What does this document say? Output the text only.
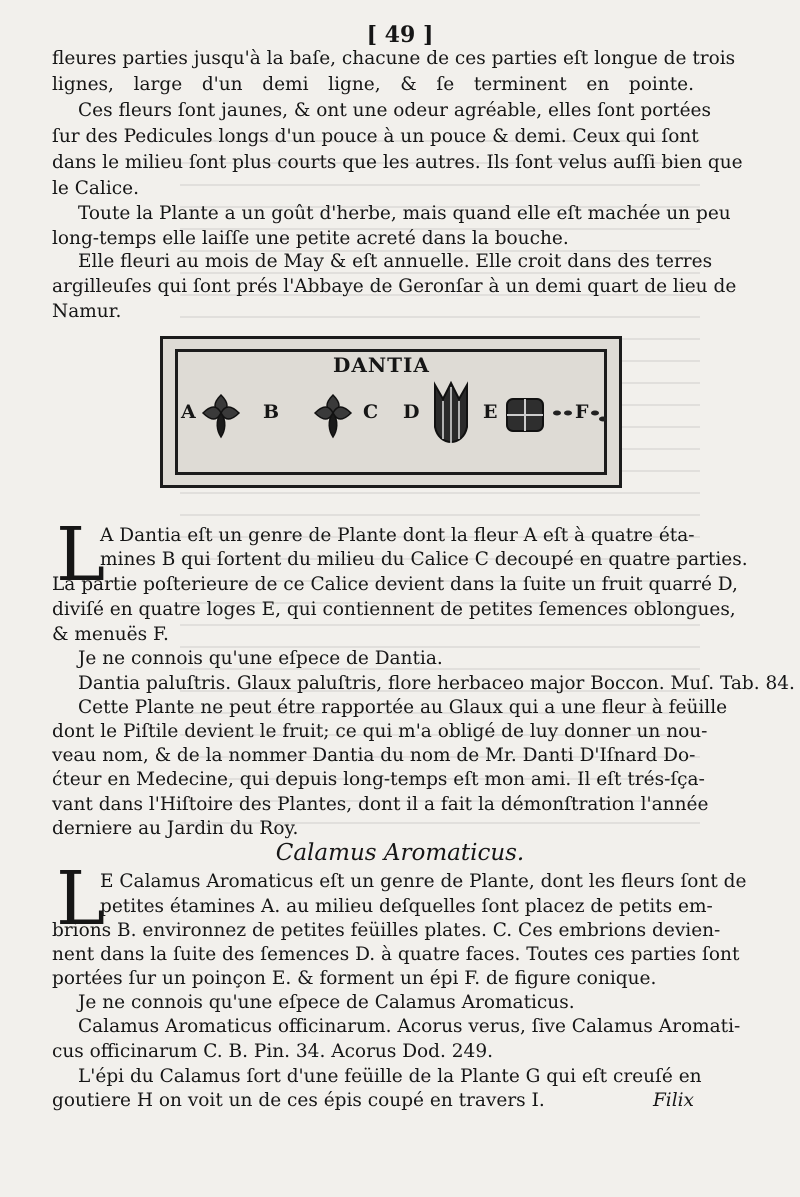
[ 49 ]
fleures parties jusqu'à la baſe, chacune de ces parties eſt longue de trois
lignes, large d'un demi ligne, & ſe terminent en pointe.
Ces fleurs ſont jaunes, & ont une odeur agréable, elles ſont portées
ſur des Pedicules longs d'un pouce à un pouce & demi. Ceux qui ſont
dans le milieu ſont plus courts que les autres. Ils ſont velus auſſi bien que
le Calice.
Toute la Plante a un goût d'herbe, mais quand elle eſt machée un peu
long-temps elle laiſſe une petite acreté dans la bouche.
Elle fleuri au mois de May & eſt annuelle. Elle croit dans des terres
argilleuſes qui ſont prés l'Abbaye de Geronſar à un demi quart de lieu de
Namur.
DANTIA
A	B	C D	E	F
L
A Dantia eſt un genre de Plante dont la fleur A eſt à quatre éta-
mines B qui ſortent du milieu du Calice C decoupé en quatre parties.
La partie poſterieure de ce Calice devient dans la ſuite un fruit quarré D,
diviſé en quatre loges E, qui contiennent de petites ſemences oblongues,
& menuës F.
Je ne connois qu'une eſpece de Dantia.
Dantia paluſtris. Glaux paluſtris, flore herbaceo major Boccon. Muſ. Tab. 84.
Cette Plante ne peut étre rapportée au Glaux qui a une fleur à feüille
dont le Piſtile devient le fruit; ce qui m'a obligé de luy donner un nou-
veau nom, & de la nommer Dantia du nom de Mr. Danti D'Iſnard Do-
ćteur en Medecine, qui depuis long-temps eſt mon ami. Il eſt trés-ſça-
vant dans l'Hiſtoire des Plantes, dont il a fait la démonſtration l'année
derniere au Jardin du Roy.
Calamus Aromaticus.
L
E Calamus Aromaticus eſt un genre de Plante, dont les fleurs ſont de
petites étamines A. au milieu deſquelles ſont placez de petits em-
brions B. environnez de petites feüilles plates. C. Ces embrions devien-
nent dans la ſuite des ſemences D. à quatre faces. Toutes ces parties ſont
portées ſur un poinçon E. & forment un épi F. de figure conique.
Je ne connois qu'une eſpece de Calamus Aromaticus.
Calamus Aromaticus officinarum. Acorus verus, ſive Calamus Aromati-
cus officinarum C. B. Pin. 34. Acorus Dod. 249.
L'épi du Calamus ſort d'une feüille de la Plante G qui eſt creuſé en
goutiere H on voit un de ces épis coupé en travers I.	Filix
